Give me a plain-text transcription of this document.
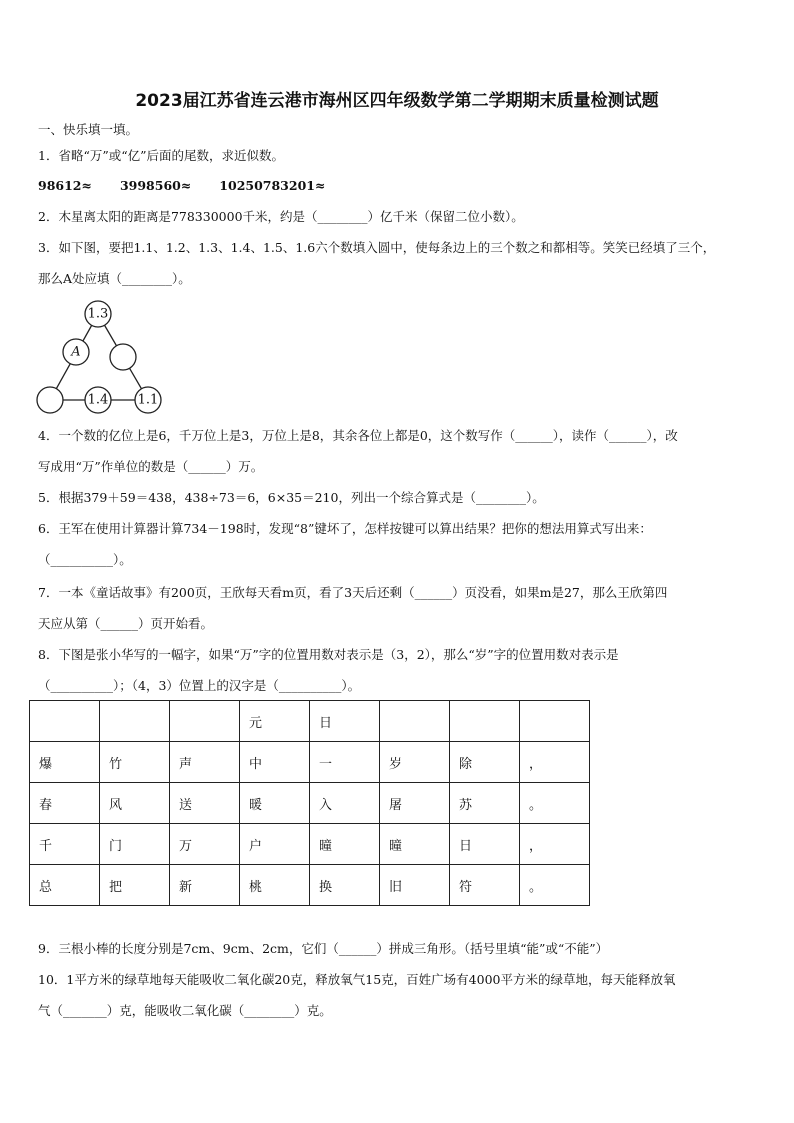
2023届江苏省连云港市海州区四年级数学第二学期期末质量检测试题
一、快乐填一填。
1．省略“万”或“亿”后面的尾数，求近似数。
98612≈ 3998560≈ 10250783201≈
2．木星离太阳的距离是778330000千米，约是（________）亿千米（保留二位小数）。
3．如下图，要把1.1、1.2、1.3、1.4、1.5、1.6六个数填入圆中，使每条边上的三个数之和都相等。笑笑已经填了三个，
那么A处应填（________）。
1.3
A
1.4 1.1
4．一个数的亿位上是6，千万位上是3，万位上是8，其余各位上都是0，这个数写作（______），读作（______），改
写成用“万”作单位的数是（______）万。
5．根据379＋59＝438，438÷73＝6，6×35＝210，列出一个综合算式是（________）。
6．王军在使用计算器计算734－198时，发现“8”键坏了，怎样按键可以算出结果？把你的想法用算式写出来：
（__________）。
7．一本《童话故事》有200页，王欣每天看m页，看了3天后还剩（______）页没看，如果m是27，那么王欣第四
天应从第（______）页开始看。
8．下图是张小华写的一幅字，如果“万”字的位置用数对表示是（3，2），那么“岁”字的位置用数对表示是
（__________）；（4，3）位置上的汉字是（__________）。
			元	日			
爆	竹	声	中	一	岁	除	，
春	风	送	暖	入	屠	苏	。
千	门	万	户	曈	曈	日	，
总	把	新	桃	换	旧	符	。
9．三根小棒的长度分别是7cm、9cm、2cm，它们（______）拼成三角形。（括号里填“能”或“不能”）
10．1平方米的绿草地每天能吸收二氧化碳20克，释放氧气15克，百姓广场有4000平方米的绿草地，每天能释放氧
气（_______）克，能吸收二氧化碳（________）克。
